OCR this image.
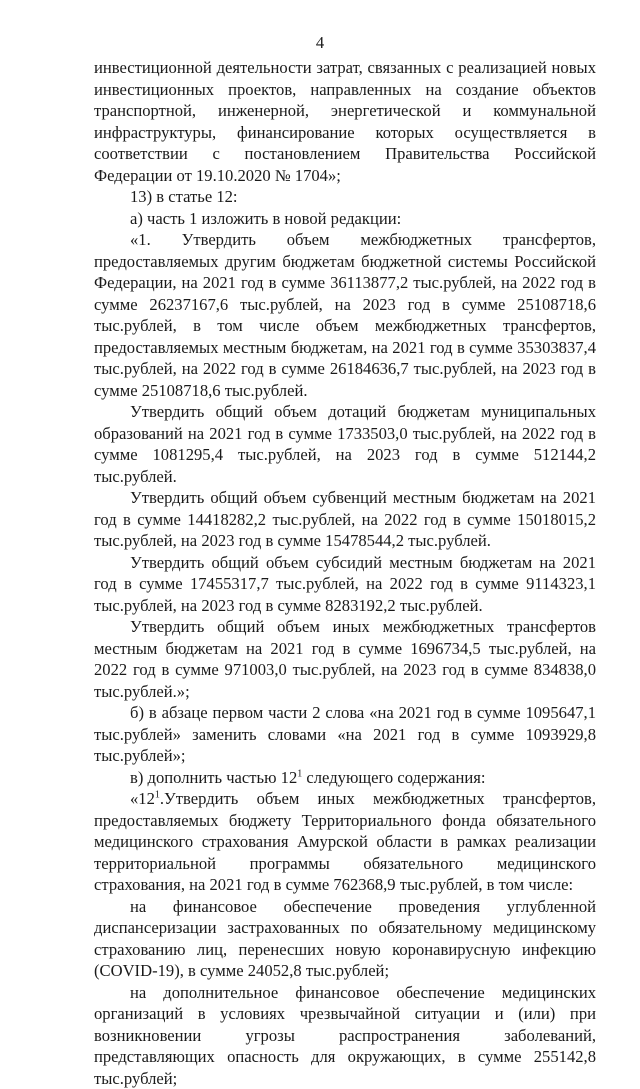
4

инвестиционной деятельности затрат, связанных с реализацией новых инвестиционных проектов, направленных на создание объектов транспортной, инженерной, энергетической и коммунальной инфраструктуры, финансирование которых осуществляется в соответствии с постановлением Правительства Российской Федерации от 19.10.2020 № 1704»;

13) в статье 12:

а) часть 1 изложить в новой редакции:

«1. Утвердить объем межбюджетных трансфертов, предоставляемых другим бюджетам бюджетной системы Российской Федерации, на 2021 год в сумме 36113877,2 тыс.рублей, на 2022 год в сумме 26237167,6 тыс.рублей, на 2023 год в сумме 25108718,6 тыс.рублей, в том числе объем межбюджетных трансфертов, предоставляемых местным бюджетам, на 2021 год в сумме 35303837,4 тыс.рублей, на 2022 год в сумме 26184636,7 тыс.рублей, на 2023 год в сумме 25108718,6 тыс.рублей.

Утвердить общий объем дотаций бюджетам муниципальных образований на 2021 год в сумме 1733503,0 тыс.рублей, на 2022 год в сумме 1081295,4 тыс.рублей, на 2023 год в сумме 512144,2 тыс.рублей.

Утвердить общий объем субвенций местным бюджетам на 2021 год в сумме 14418282,2 тыс.рублей, на 2022 год в сумме 15018015,2 тыс.рублей, на 2023 год в сумме 15478544,2 тыс.рублей.

Утвердить общий объем субсидий местным бюджетам на 2021 год в сумме 17455317,7 тыс.рублей, на 2022 год в сумме 9114323,1 тыс.рублей, на 2023 год в сумме 8283192,2 тыс.рублей.

Утвердить общий объем иных межбюджетных трансфертов местным бюджетам на 2021 год в сумме 1696734,5 тыс.рублей, на 2022 год в сумме 971003,0 тыс.рублей, на 2023 год в сумме 834838,0 тыс.рублей.»;

б) в абзаце первом части 2 слова «на 2021 год в сумме 1095647,1 тыс.рублей» заменить словами «на 2021 год в сумме 1093929,8 тыс.рублей»;

в) дополнить частью $12^1$ следующего содержания:

«$12^1.Утвердить$ объем иных межбюджетных трансфертов, предоставляемых бюджету Территориального фонда обязательного медицинского страхования Амурской области в рамках реализации территориальной программы обязательного медицинского страхования, на 2021 год в сумме 762368,9 тыс.рублей, в том числе:

на финансовое обеспечение проведения углубленной диспансеризации застрахованных по обязательному медицинскому страхованию лиц, перенесших новую коронавирусную инфекцию (COVID-19), в сумме 24052,8 тыс.рублей;

на дополнительное финансовое обеспечение медицинских организаций в условиях чрезвычайной ситуации и (или) при возникновении угрозы распространения заболеваний, представляющих опасность для окружающих, в сумме 255142,8 тыс.рублей;
